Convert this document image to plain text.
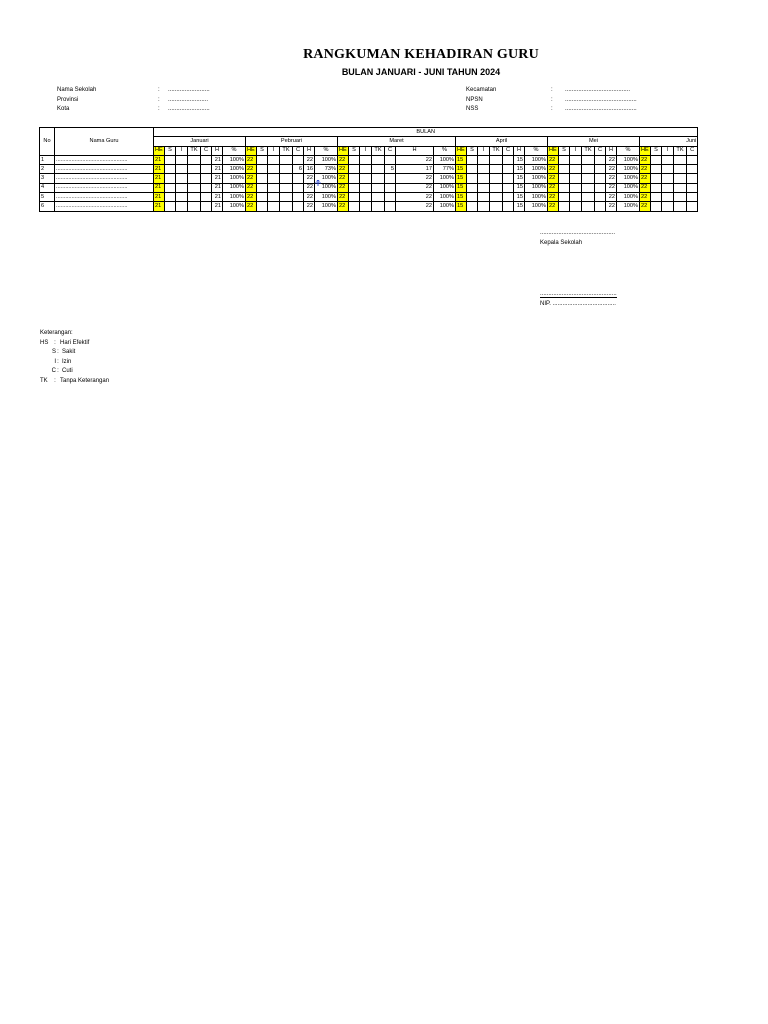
RANGKUMAN KEHADIRAN GURU
BULAN JANUARI - JUNI TAHUN 2024
Nama Sekolah	:	.........................
Provinsi	:	........................
Kota	:	.........................
Kecamatan	:	.......................................
NPSN	:	...........................................
NSS	:	...........................................
No	Nama Guru	BULAN																																							
		Januari							Pebruari							Maret							April							Mei							Juni				
		HE	S	I	TK	C	H	%	HE	S	I	TK	C	H	%	HE	S	I	TK	C	H	%	HE	S	I	TK	C	H	%	HE	S	I	TK	C	H	%	HE	S	I	TK	C
1	..............................................	21					21	100%	22					22	100%	22					22	100%	15					15	100%	22					22	100%	22				
2	..............................................	21					21	100%	22				6	16	73%	22				5	17	77%	15					15	100%	22					22	100%	22				
3	..............................................	21					21	100%	22					22	100%	22					22	100%	15					15	100%	22					22	100%	22				
4	..............................................	21					21	100%	22					22	100%	22					22	100%	15					15	100%	22					22	100%	22				
5	..............................................	21					21	100%	22					22	100%	22					22	100%	15					15	100%	22					22	100%	22				
6	..............................................	21					21	100%	22					22	100%	22					22	100%	15					15	100%	22					22	100%	22				
.............................................
Kepala Sekolah
..............................................
NIP. ......................................
Keterangan:
HS : Hari Efektif
S : Sakit
I : Izin
C : Cuti
TK	: Tanpa Keterangan
